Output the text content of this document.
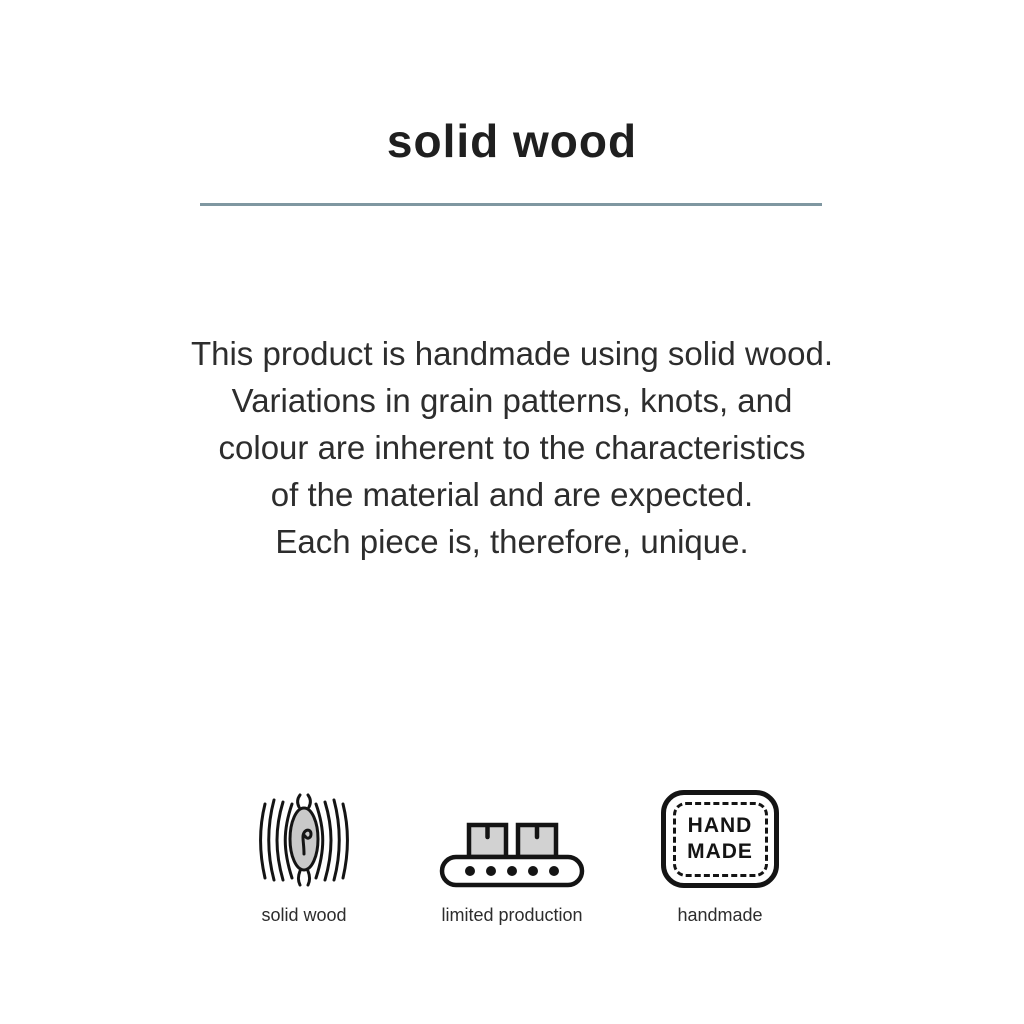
solid wood
This product is handmade using solid wood.
Variations in grain patterns, knots, and
colour are inherent to the characteristics
of the material and are expected.
Each piece is, therefore, unique.
solid wood	limited production
HAND
MADE
handmade
